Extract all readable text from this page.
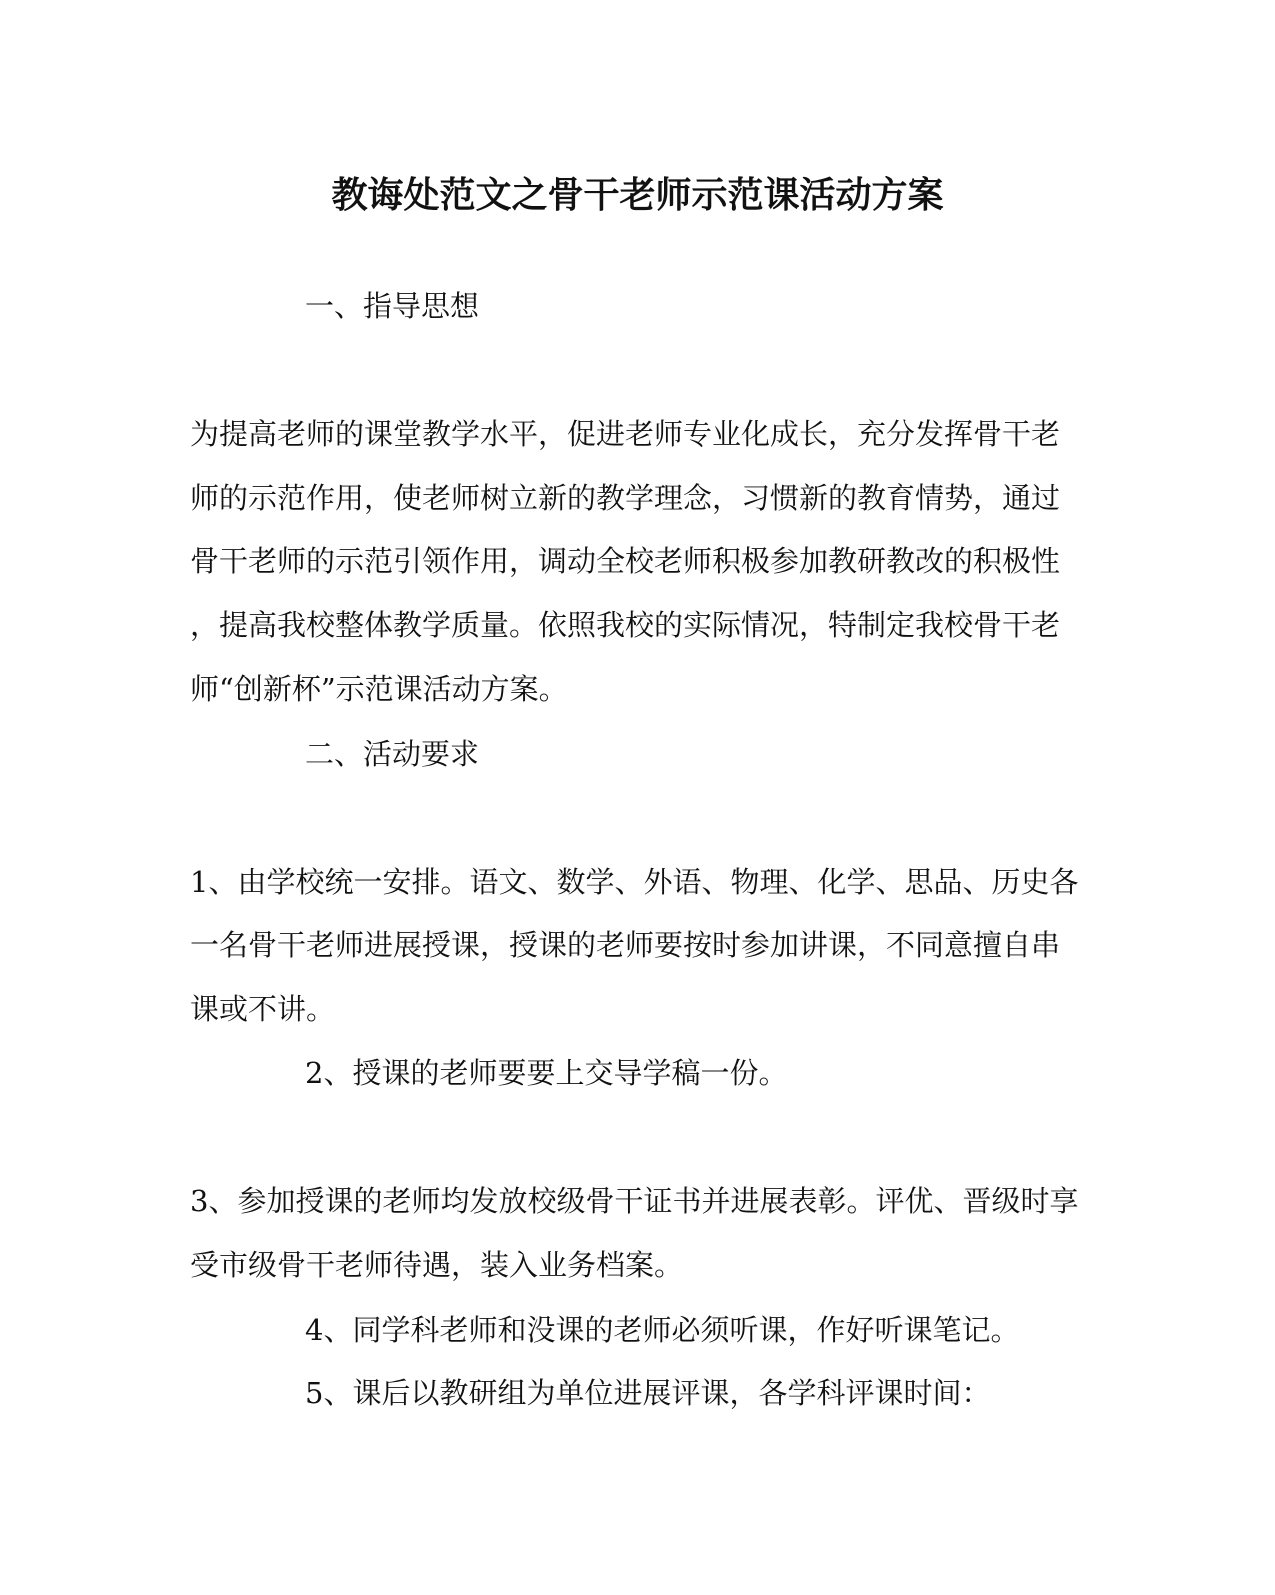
教诲处范文之骨干老师示范课活动方案
一、指导思想
为提高老师的课堂教学水平，促进老师专业化成长，充分发挥骨干老
师的示范作用，使老师树立新的教学理念，习惯新的教育情势，通过
骨干老师的示范引领作用，调动全校老师积极参加教研教改的积极性
，提高我校整体教学质量。依照我校的实际情况，特制定我校骨干老
师“创新杯”示范课活动方案。
二、活动要求
1、由学校统一安排。语文、数学、外语、物理、化学、思品、历史各
一名骨干老师进展授课，授课的老师要按时参加讲课，不同意擅自串
课或不讲。
2、授课的老师要要上交导学稿一份。
3、参加授课的老师均发放校级骨干证书并进展表彰。评优、晋级时享
受市级骨干老师待遇，装入业务档案。
4、同学科老师和没课的老师必须听课，作好听课笔记。
5、课后以教研组为单位进展评课，各学科评课时间：
